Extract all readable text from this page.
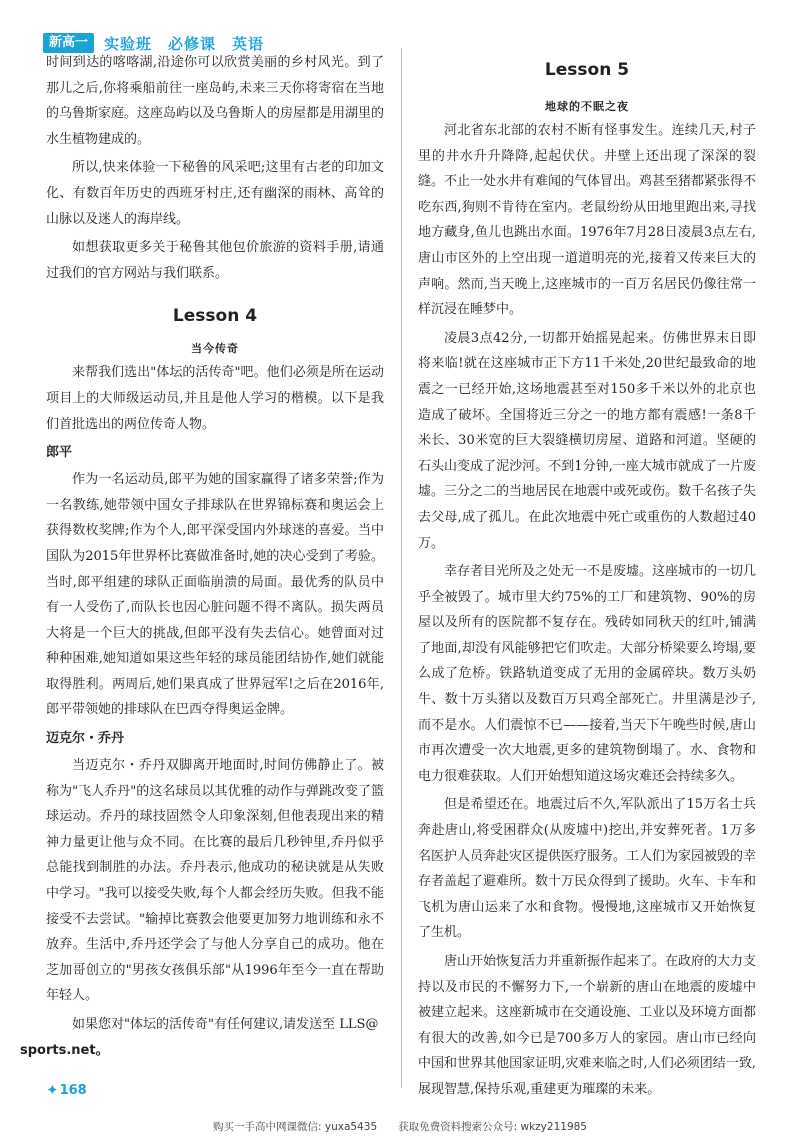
新高一	实验班　必修课　英语

时间到达的喀喀湖,沿途你可以欣赏美丽的乡村风光。到了那儿之后,你将乘船前往一座岛屿,未来三天你将寄宿在当地的乌鲁斯家庭。这座岛屿以及乌鲁斯人的房屋都是用湖里的水生植物建成的。

所以,快来体验一下秘鲁的风采吧;这里有古老的印加文化、有数百年历史的西班牙村庄,还有幽深的雨林、高耸的山脉以及迷人的海岸线。

如想获取更多关于秘鲁其他包价旅游的资料手册,请通过我们的官方网站与我们联系。

Lesson 4
当今传奇

来帮我们选出"体坛的活传奇"吧。他们必须是所在运动项目上的大师级运动员,并且是他人学习的楷模。以下是我们首批选出的两位传奇人物。

郎平

作为一名运动员,郎平为她的国家赢得了诸多荣誉;作为一名教练,她带领中国女子排球队在世界锦标赛和奥运会上获得数枚奖牌;作为个人,郎平深受国内外球迷的喜爱。当中国队为2015年世界杯比赛做准备时,她的决心受到了考验。当时,郎平组建的球队正面临崩溃的局面。最优秀的队员中有一人受伤了,而队长也因心脏问题不得不离队。损失两员大将是一个巨大的挑战,但郎平没有失去信心。她曾面对过种种困难,她知道如果这些年轻的球员能团结协作,她们就能取得胜利。两周后,她们果真成了世界冠军!之后在2016年,郎平带领她的排球队在巴西夺得奥运金牌。

迈克尔・乔丹

当迈克尔・乔丹双脚离开地面时,时间仿佛静止了。被称为"飞人乔丹"的这名球员以其优雅的动作与弹跳改变了篮球运动。乔丹的球技固然令人印象深刻,但他表现出来的精神力量更让他与众不同。在比赛的最后几秒钟里,乔丹似乎总能找到制胜的办法。乔丹表示,他成功的秘诀就是从失败中学习。"我可以接受失败,每个人都会经历失败。但我不能接受不去尝试。"输掉比赛教会他要更加努力地训练和永不放弃。生活中,乔丹还学会了与他人分享自己的成功。他在芝加哥创立的"男孩女孩俱乐部"从1996年至今一直在帮助年轻人。

如果您对"体坛的活传奇"有任何建议,请发送至 LLS@
sports.net。

Lesson 5
地球的不眠之夜

河北省东北部的农村不断有怪事发生。连续几天,村子里的井水升升降降,起起伏伏。井壁上还出现了深深的裂缝。不止一处水井有难闻的气体冒出。鸡甚至猪都紧张得不吃东西,狗则不肯待在室内。老鼠纷纷从田地里跑出来,寻找地方藏身,鱼儿也跳出水面。1976年7月28日凌晨3点左右,唐山市区外的上空出现一道道明亮的光,接着又传来巨大的声响。然而,当天晚上,这座城市的一百万名居民仍像往常一样沉浸在睡梦中。

凌晨3点42分,一切都开始摇晃起来。仿佛世界末日即将来临!就在这座城市正下方11千米处,20世纪最致命的地震之一已经开始,这场地震甚至对150多千米以外的北京也造成了破坏。全国将近三分之一的地方都有震感!一条8千米长、30米宽的巨大裂缝横切房屋、道路和河道。坚硬的石头山变成了泥沙河。不到1分钟,一座大城市就成了一片废墟。三分之二的当地居民在地震中或死或伤。数千名孩子失去父母,成了孤儿。在此次地震中死亡或重伤的人数超过40万。

幸存者目光所及之处无一不是废墟。这座城市的一切几乎全被毁了。城市里大约75%的工厂和建筑物、90%的房屋以及所有的医院都不复存在。残砖如同秋天的红叶,铺满了地面,却没有风能够把它们吹走。大部分桥梁要么垮塌,要么成了危桥。铁路轨道变成了无用的金属碎块。数万头奶牛、数十万头猪以及数百万只鸡全部死亡。井里满是沙子,而不是水。人们震惊不已——接着,当天下午晚些时候,唐山市再次遭受一次大地震,更多的建筑物倒塌了。水、食物和电力很难获取。人们开始想知道这场灾难还会持续多久。

但是希望还在。地震过后不久,军队派出了15万名士兵奔赴唐山,将受困群众(从废墟中)挖出,并安葬死者。1万多名医护人员奔赴灾区提供医疗服务。工人们为家园被毁的幸存者盖起了避难所。数十万民众得到了援助。火车、卡车和飞机为唐山运来了水和食物。慢慢地,这座城市又开始恢复了生机。

唐山开始恢复活力并重新振作起来了。在政府的大力支持以及市民的不懈努力下,一个崭新的唐山在地震的废墟中被建立起来。这座新城市在交通设施、工业以及环境方面都有很大的改善,如今已是700多万人的家园。唐山市已经向中国和世界其他国家证明,灾难来临之时,人们必须团结一致,展现智慧,保持乐观,重建更为璀璨的未来。

✦ 168
购买一手高中网课微信: yuxa5435　　获取免费资料搜索公众号: wkzy211985
